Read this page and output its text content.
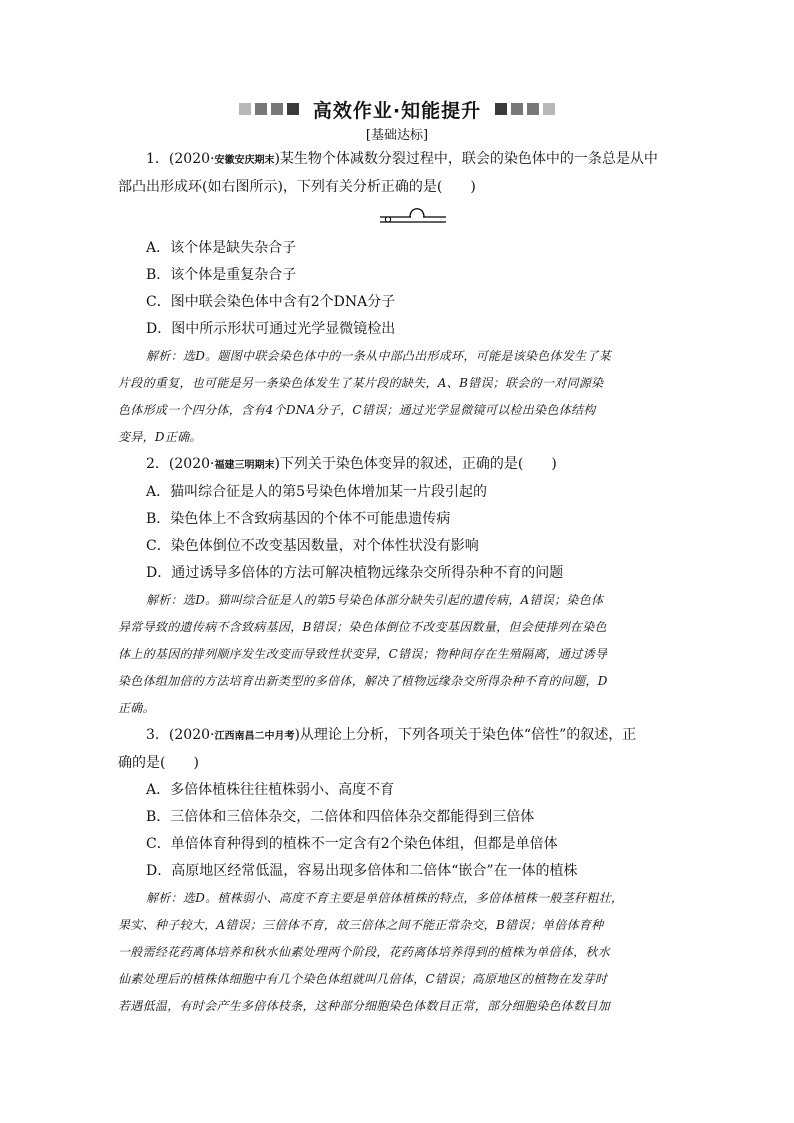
高效作业·知能提升
[基础达标]
1．(2020·安徽安庆期末)某生物个体减数分裂过程中，联会的染色体中的一条总是从中
部凸出形成环(如右图所示)，下列有关分析正确的是(　　)
A．该个体是缺失杂合子
B．该个体是重复杂合子
C．图中联会染色体中含有2个DNA分子
D．图中所示形状可通过光学显微镜检出
解析：选D。题图中联会染色体中的一条从中部凸出形成环，可能是该染色体发生了某
片段的重复，也可能是另一条染色体发生了某片段的缺失，A、B错误；联会的一对同源染
色体形成一个四分体，含有4个DNA分子，C错误；通过光学显微镜可以检出染色体结构
变异，D正确。
2．(2020·福建三明期末)下列关于染色体变异的叙述，正确的是(　　)
A．猫叫综合征是人的第5号染色体增加某一片段引起的
B．染色体上不含致病基因的个体不可能患遗传病
C．染色体倒位不改变基因数量，对个体性状没有影响
D．通过诱导多倍体的方法可解决植物远缘杂交所得杂种不育的问题
解析：选D。猫叫综合征是人的第5号染色体部分缺失引起的遗传病，A错误；染色体
异常导致的遗传病不含致病基因，B错误；染色体倒位不改变基因数量，但会使排列在染色
体上的基因的排列顺序发生改变而导致性状变异，C错误；物种间存在生殖隔离，通过诱导
染色体组加倍的方法培育出新类型的多倍体，解决了植物远缘杂交所得杂种不育的问题，D
正确。
3．(2020·江西南昌二中月考)从理论上分析，下列各项关于染色体“倍性”的叙述，正
确的是(　　)
A．多倍体植株往往植株弱小、高度不育
B．三倍体和三倍体杂交，二倍体和四倍体杂交都能得到三倍体
C．单倍体育种得到的植株不一定含有2个染色体组，但都是单倍体
D．高原地区经常低温，容易出现多倍体和二倍体“嵌合”在一体的植株
解析：选D。植株弱小、高度不育主要是单倍体植株的特点，多倍体植株一般茎秆粗壮，
果实、种子较大，A错误；三倍体不育，故三倍体之间不能正常杂交，B错误；单倍体育种
一般需经花药离体培养和秋水仙素处理两个阶段，花药离体培养得到的植株为单倍体，秋水
仙素处理后的植株体细胞中有几个染色体组就叫几倍体，C错误；高原地区的植物在发芽时
若遇低温，有时会产生多倍体枝条，这种部分细胞染色体数目正常，部分细胞染色体数目加
